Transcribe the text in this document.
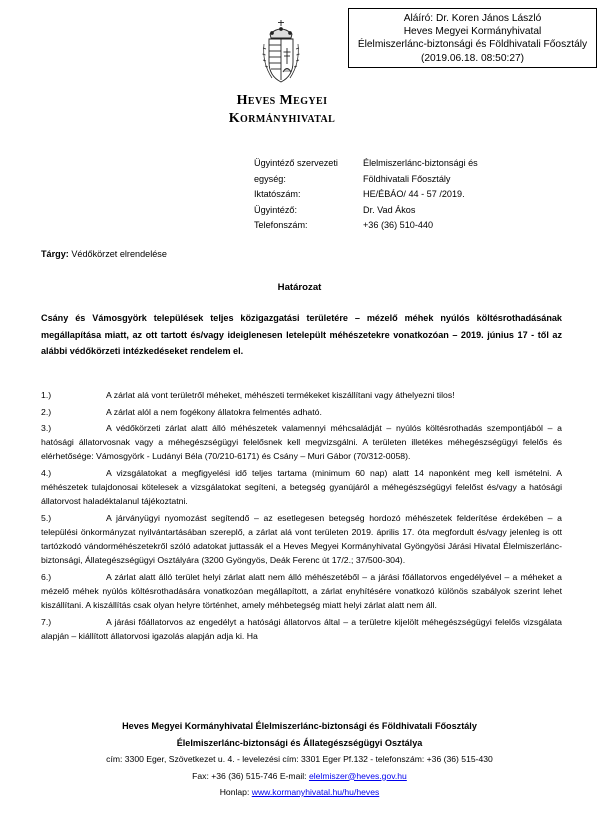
Aláíró: Dr. Koren János László
Heves Megyei Kormányhivatal
Élelmiszerlánc-biztonsági és Földhivatali Főosztály
(2019.06.18. 08:50:27)
Heves Megyei
Kormányhivatal
Ügyintéző szervezeti	Élelmiszerlánc-biztonsági és
egység:	Földhivatali Főosztály
Iktatószám:	HE/ÉBÁO/ 44 - 57 /2019.
Ügyintéző:	Dr. Vad Ákos
Telefonszám:	+36 (36) 510-440
Tárgy: Védőkörzet elrendelése
Határozat
Csány és Vámosgyörk települések teljes közigazgatási területére – mézelő méhek nyúlós költésrothadásának megállapítása miatt, az ott tartott és/vagy ideiglenesen letelepült méhészetekre vonatkozóan – 2019. június 17 - től az alábbi védőkörzeti intézkedéseket rendelem el.
1.)	A zárlat alá vont területről méheket, méhészeti termékeket kiszállítani vagy áthelyezni tilos!
2.)	A zárlat alól a nem fogékony állatokra felmentés adható.
3.)	A védőkörzeti zárlat alatt álló méhészetek valamennyi méhcsaládját – nyúlós költésrothadás szempontjából – a hatósági állatorvosnak vagy a méhegészségügyi felelősnek kell megvizsgálni. A területen illetékes méhegészségügyi felelős és elérhetősége: Vámosgyörk - Ludányi Béla (70/210-6171) és Csány – Muri Gábor (70/312-0058).
4.)	A vizsgálatokat a megfigyelési idő teljes tartama (minimum 60 nap) alatt 14 naponként meg kell ismételni. A méhészetek tulajdonosai kötelesek a vizsgálatokat segíteni, a betegség gyanújáról a méhegészségügyi felelőst és/vagy a hatósági állatorvost haladéktalanul tájékoztatni.
5.)	A járványügyi nyomozást segítendő – az esetlegesen betegség hordozó méhészetek felderítése érdekében – a települési önkormányzat nyilvántartásában szereplő, a zárlat alá vont területen 2019. április 17. óta megfordult és/vagy jelenleg is ott tartózkodó vándorméhészetekről szóló adatokat juttassák el a Heves Megyei Kormányhivatal Gyöngyösi Járási Hivatal Élelmiszerlánc-biztonsági, Állategészségügyi Osztályára (3200 Gyöngyös, Deák Ferenc út 17/2.; 37/500-304).
6.)	A zárlat alatt álló terület helyi zárlat alatt nem álló méhészetéből – a járási főállatorvos engedélyével – a méheket a mézelő méhek nyúlós költésrothadására vonatkozóan megállapított, a zárlat enyhítésére vonatkozó különös szabályok szerint lehet kiszállítani. A kiszállítás csak olyan helyre történhet, amely méhbetegség miatt helyi zárlat alatt nem áll.
7.)	A járási főállatorvos az engedélyt a hatósági állatorvos által – a területre kijelölt méhegészségügyi felelős vizsgálata alapján – kiállított állatorvosi igazolás alapján adja ki. Ha
Heves Megyei Kormányhivatal Élelmiszerlánc-biztonsági és Földhivatali Főosztály
Élelmiszerlánc-biztonsági és Állategészségügyi Osztálya
cím: 3300 Eger, Szövetkezet u. 4. - levelezési cím: 3301 Eger Pf.132 - telefonszám: +36 (36) 515-430
Fax: +36 (36) 515-746 E-mail: elelmiszer@heves.gov.hu
Honlap: www.kormanyhivatal.hu/hu/heves
